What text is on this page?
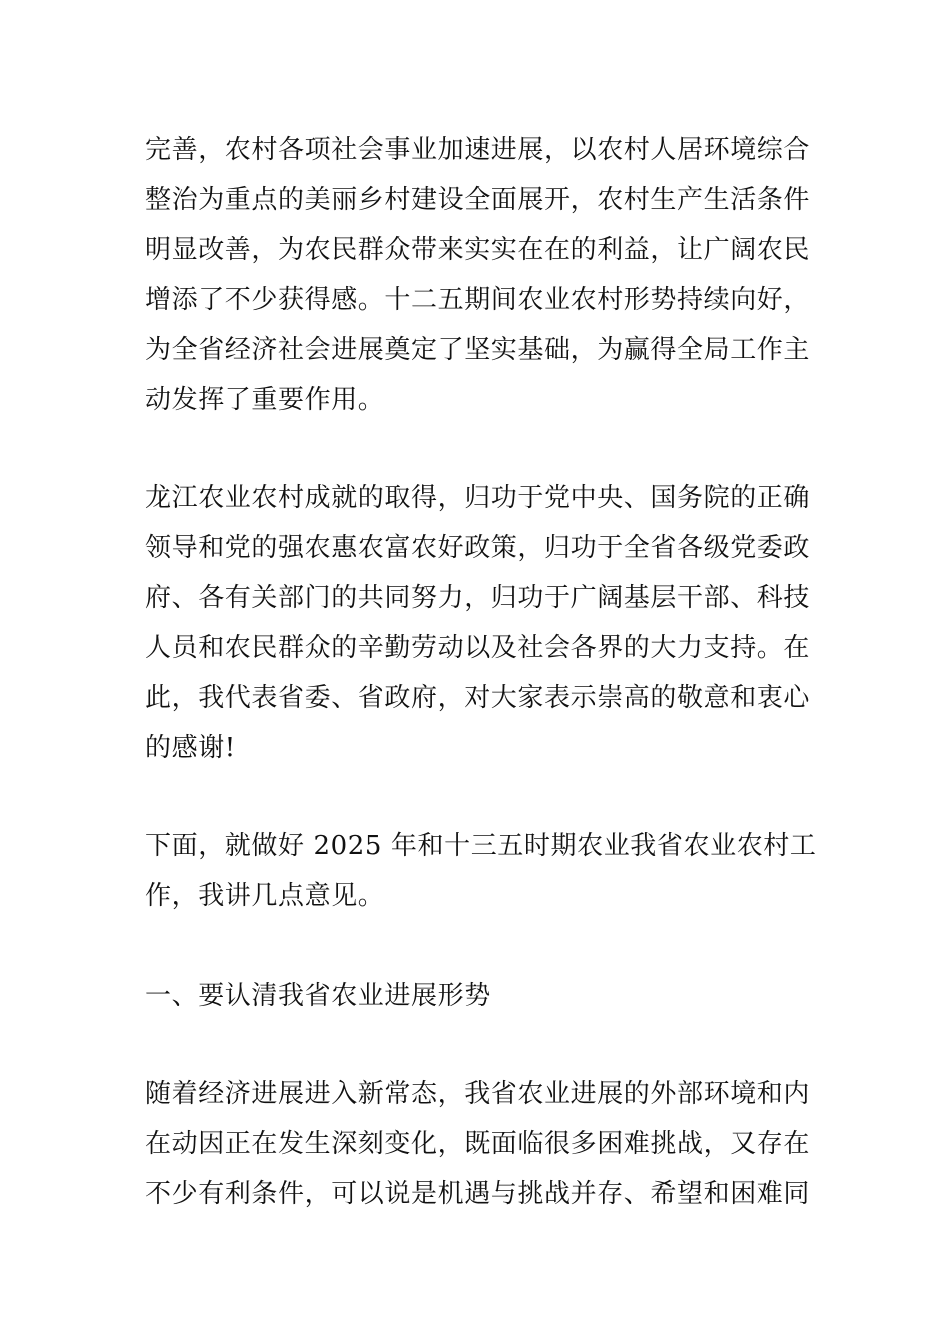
完善，农村各项社会事业加速进展，以农村人居环境综合
整治为重点的美丽乡村建设全面展开，农村生产生活条件
明显改善，为农民群众带来实实在在的利益，让广阔农民
增添了不少获得感。十二五期间农业农村形势持续向好，
为全省经济社会进展奠定了坚实基础，为赢得全局工作主
动发挥了重要作用。
龙江农业农村成就的取得，归功于党中央、国务院的正确
领导和党的强农惠农富农好政策，归功于全省各级党委政
府、各有关部门的共同努力，归功于广阔基层干部、科技
人员和农民群众的辛勤劳动以及社会各界的大力支持。在
此，我代表省委、省政府，对大家表示崇高的敬意和衷心
的感谢!
下面，就做好 2025 年和十三五时期农业我省农业农村工
作，我讲几点意见。
一、要认清我省农业进展形势
随着经济进展进入新常态，我省农业进展的外部环境和内
在动因正在发生深刻变化，既面临很多困难挑战，又存在
不少有利条件，可以说是机遇与挑战并存、希望和困难同
